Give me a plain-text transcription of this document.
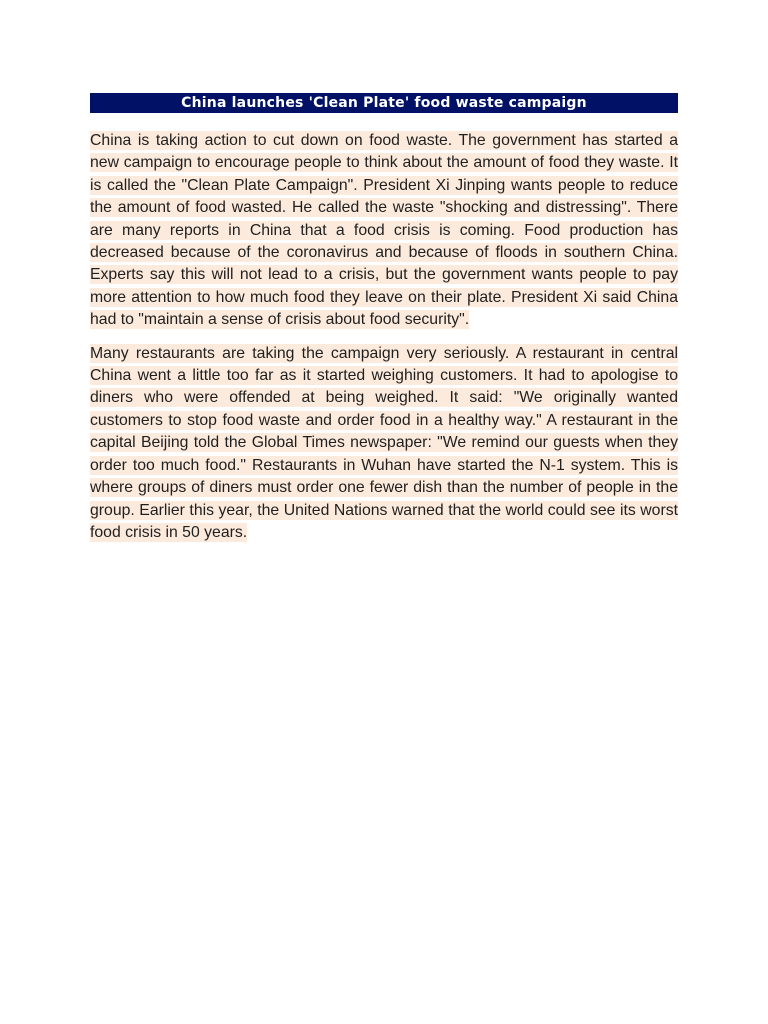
China launches 'Clean Plate' food waste campaign

China is taking action to cut down on food waste. The government has started a new campaign to encourage people to think about the amount of food they waste. It is called the "Clean Plate Campaign". President Xi Jinping wants people to reduce the amount of food wasted. He called the waste "shocking and distressing". There are many reports in China that a food crisis is coming. Food production has decreased because of the coronavirus and because of floods in southern China. Experts say this will not lead to a crisis, but the government wants people to pay more attention to how much food they leave on their plate. President Xi said China had to "maintain a sense of crisis about food security".

Many restaurants are taking the campaign very seriously. A restaurant in central China went a little too far as it started weighing customers. It had to apologise to diners who were offended at being weighed. It said: "We originally wanted customers to stop food waste and order food in a healthy way." A restaurant in the capital Beijing told the Global Times newspaper: "We remind our guests when they order too much food." Restaurants in Wuhan have started the N-1 system. This is where groups of diners must order one fewer dish than the number of people in the group. Earlier this year, the United Nations warned that the world could see its worst food crisis in 50 years.
